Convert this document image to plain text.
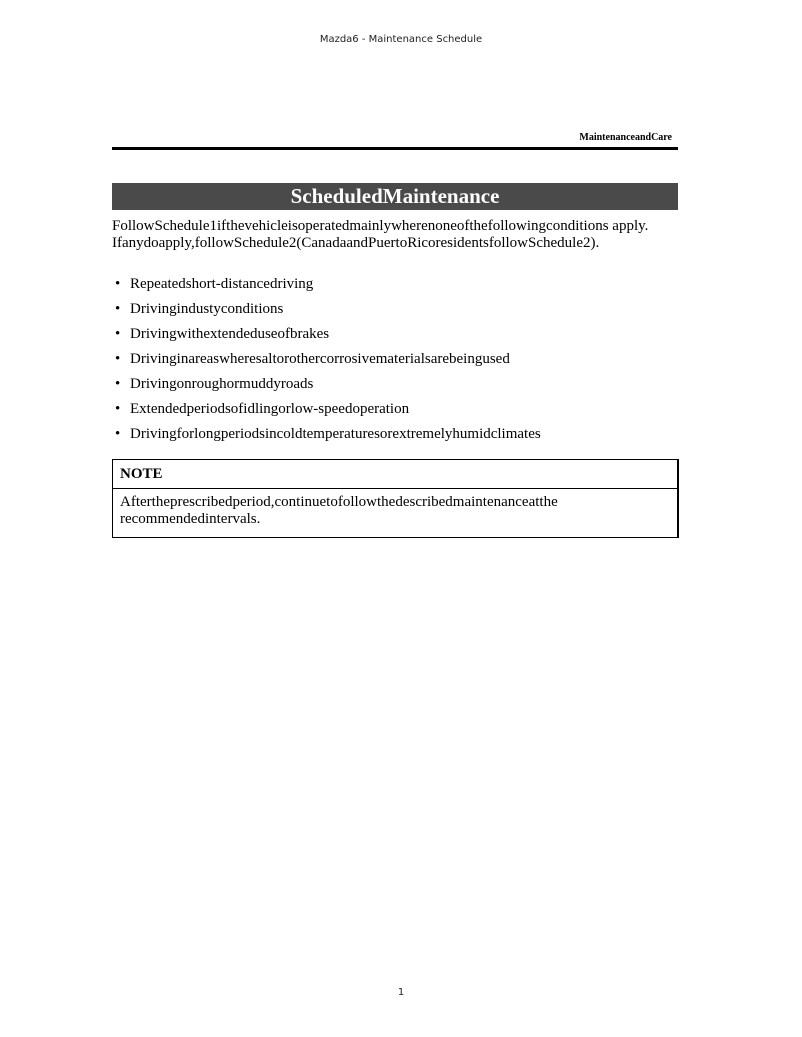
Mazda6 - Maintenance Schedule
MaintenanceandCare
ScheduledMaintenance

FollowSchedule1ifthevehicleisoperatedmainlywherenoneofthefollowingconditions apply.

Ifanydoapply,followSchedule2(CanadaandPuertoRicoresidentsfollowSchedule2).

• Repeatedshort-distancedriving
• Drivingindustyconditions
• Drivingwithextendeduseofbrakes
• Drivinginareaswheresaltorothercorrosivematerialsarebeingused
• Drivingonroughormuddyroads
• Extendedperiodsofidlingorlow-speedoperation
• Drivingforlongperiodsincoldtemperaturesorextremelyhumidclimates
NOTE
Aftertheprescribedperiod,continuetofollowthedescribedmaintenanceatthe recommendedintervals.
1
